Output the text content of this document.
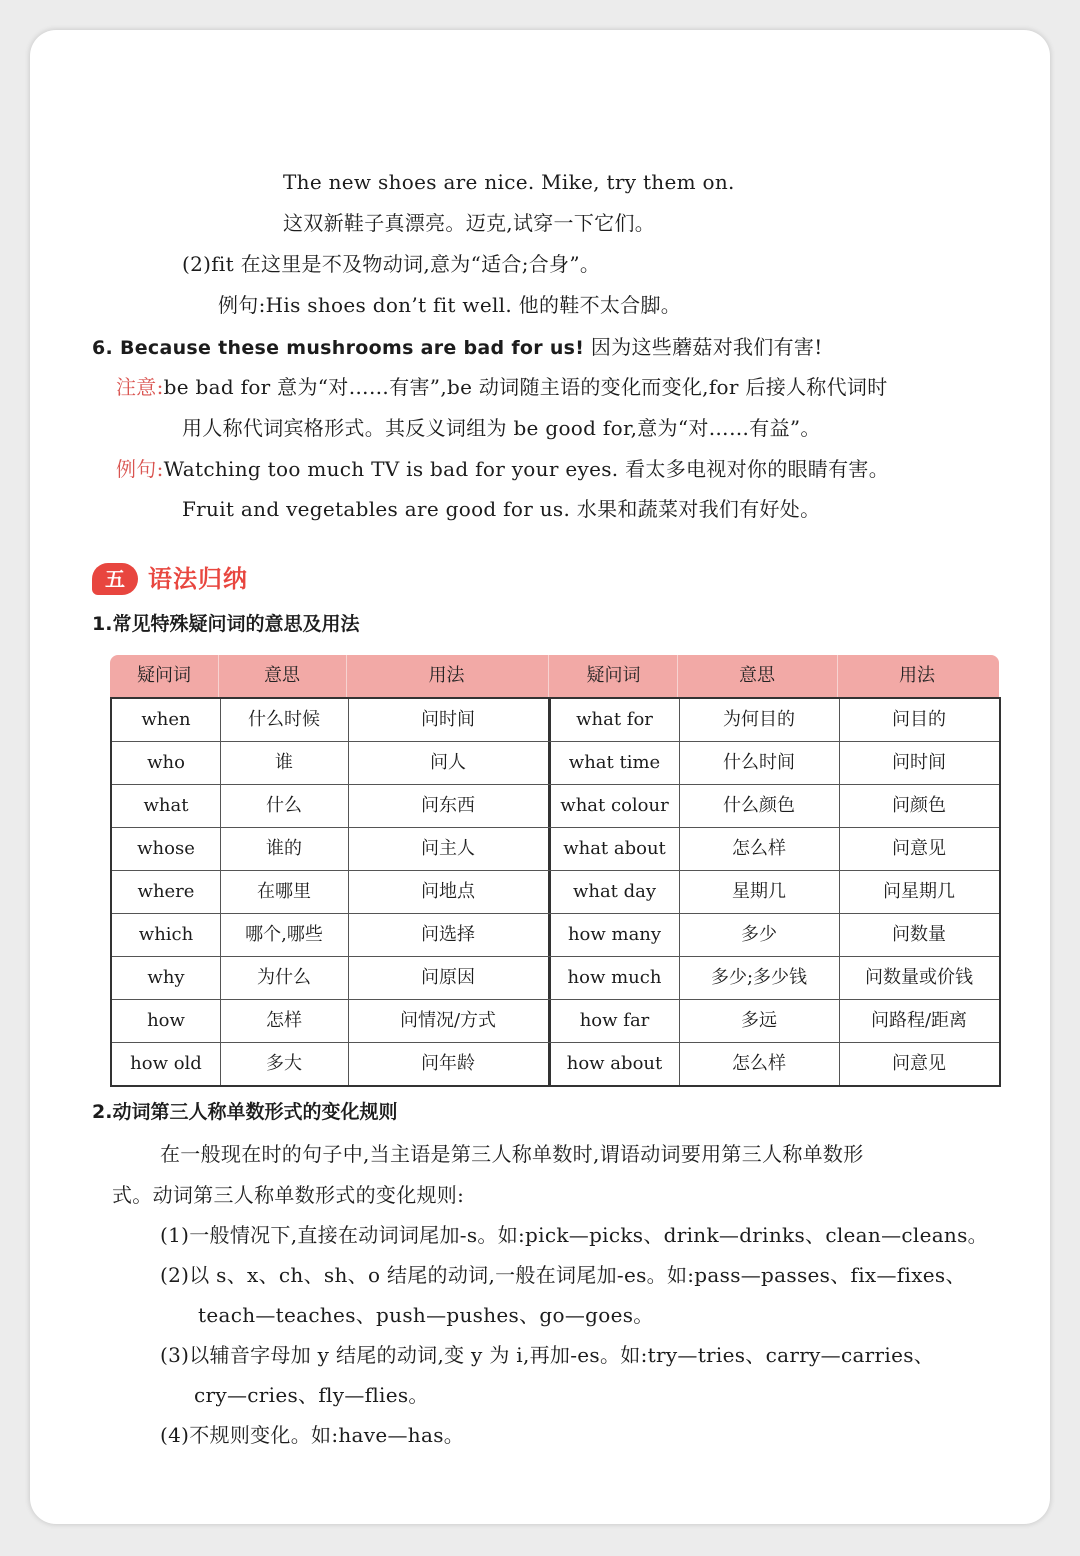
The new shoes are nice. Mike, try them on.
这双新鞋子真漂亮。迈克,试穿一下它们。
(2)fit 在这里是不及物动词,意为“适合;合身”。
例句:His shoes don’t fit well. 他的鞋不太合脚。
6. Because these mushrooms are bad for us! 因为这些蘑菇对我们有害!
注意:be bad for 意为“对……有害”,be 动词随主语的变化而变化,for 后接人称代词时
用人称代词宾格形式。其反义词组为 be good for,意为“对……有益”。
例句:Watching too much TV is bad for your eyes. 看太多电视对你的眼睛有害。
Fruit and vegetables are good for us. 水果和蔬菜对我们有好处。
五 语法归纳
1.常见特殊疑问词的意思及用法
疑问词	意思	用法	疑问词	意思	用法
when	什么时候	问时间	what for	为何目的	问目的
who	谁	问人	what time	什么时间	问时间
what	什么	问东西	what colour	什么颜色	问颜色
whose	谁的	问主人	what about	怎么样	问意见
where	在哪里	问地点	what day	星期几	问星期几
which	哪个,哪些	问选择	how many	多少	问数量
why	为什么	问原因	how much	多少;多少钱	问数量或价钱
how	怎样	问情况/方式	how far	多远	问路程/距离
how old	多大	问年龄	how about	怎么样	问意见
2.动词第三人称单数形式的变化规则
在一般现在时的句子中,当主语是第三人称单数时,谓语动词要用第三人称单数形
式。动词第三人称单数形式的变化规则:
(1)一般情况下,直接在动词词尾加-s。如:pick—picks、drink—drinks、clean—cleans。
(2)以 s、x、ch、sh、o 结尾的动词,一般在词尾加-es。如:pass—passes、fix—fixes、
teach—teaches、push—pushes、go—goes。
(3)以辅音字母加 y 结尾的动词,变 y 为 i,再加-es。如:try—tries、carry—carries、
cry—cries、fly—flies。
(4)不规则变化。如:have—has。
